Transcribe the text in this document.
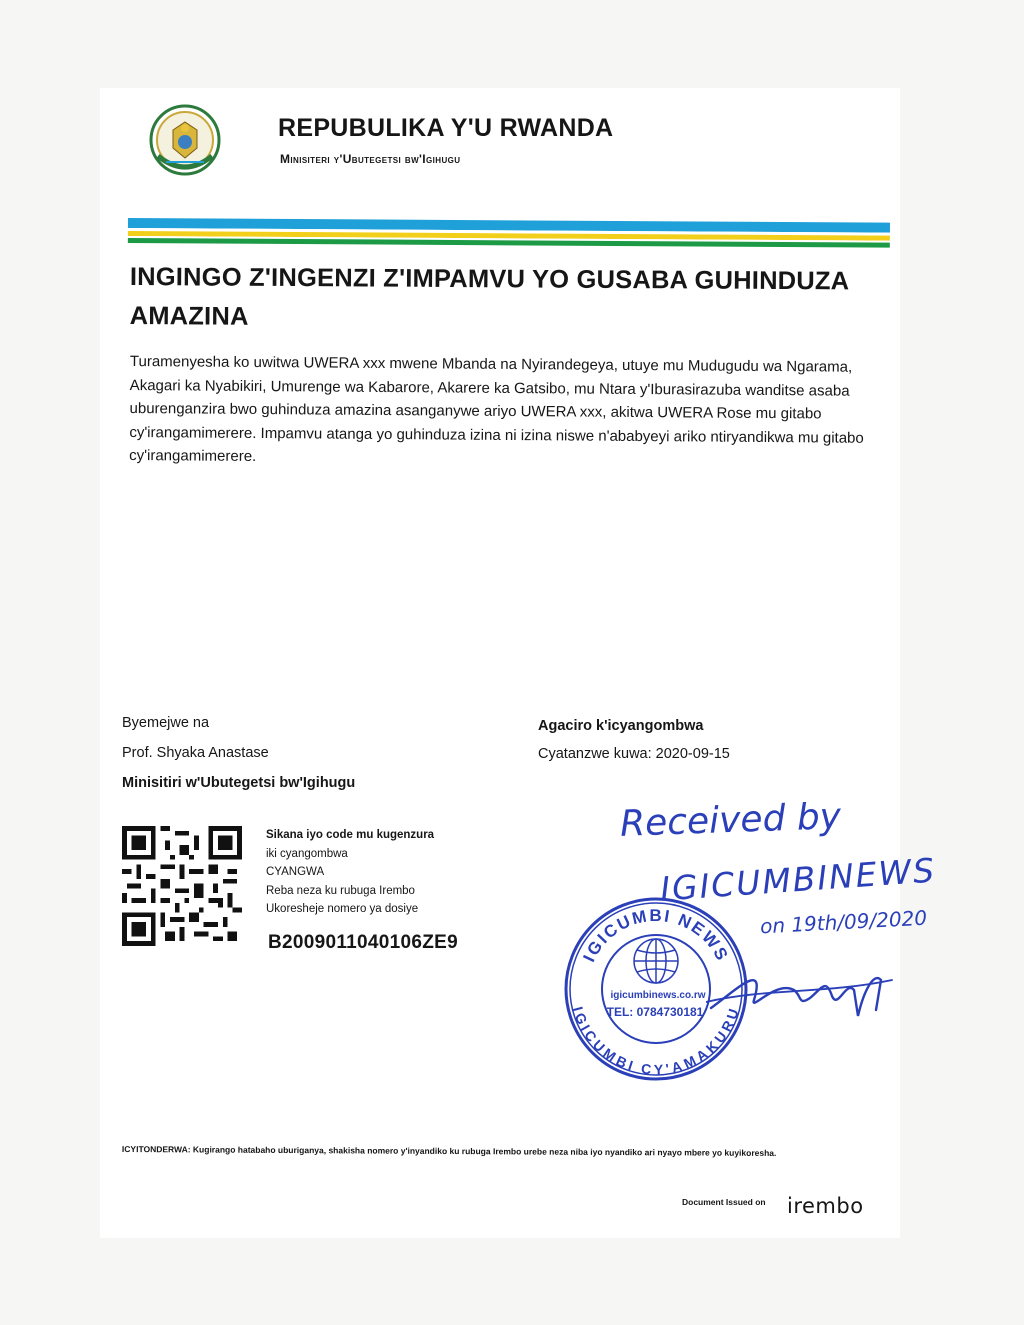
REPUBULIKA Y'U RWANDA
Minisiteri y'Ubutegetsi bw'Igihugu
INGINGO Z'INGENZI Z'IMPAMVU YO GUSABA GUHINDUZA AMAZINA
Turamenyesha ko uwitwa UWERA xxx mwene Mbanda na Nyirandegeya, utuye mu Mudugudu wa Ngarama, Akagari ka Nyabikiri, Umurenge wa Kabarore, Akarere ka Gatsibo, mu Ntara y'Iburasirazuba wanditse asaba uburenganzira bwo guhinduza amazina asanganywe ariyo UWERA xxx, akitwa UWERA Rose mu gitabo cy'irangamimerere. Impamvu atanga yo guhinduza izina ni izina niswe n'ababyeyi ariko ntiryandikwa mu gitabo cy'irangamimerere.
Byemejwe na
Prof. Shyaka Anastase
Minisitiri w'Ubutegetsi bw'Igihugu
Agaciro k'icyangombwa
Cyatanzwe kuwa: 2020-09-15
Sikana iyo code mu kugenzura
iki cyangombwa
CYANGWA
Reba neza ku rubuga Irembo
Ukoresheje nomero ya dosiye
B2009011040106ZE9
Received by
IGICUMBINEWS
on 19th/09/2020
IGICUMBI NEWS
IGICUMBI CY'AMAKURU
igicumbinews.co.rw
TEL: 0784730181
ICYITONDERWA: Kugirango hatabaho uburiganya, shakisha nomero y'inyandiko ku rubuga Irembo urebe neza niba iyo nyandiko ari nyayo mbere yo kuyikoresha.
Document Issued on irembo
